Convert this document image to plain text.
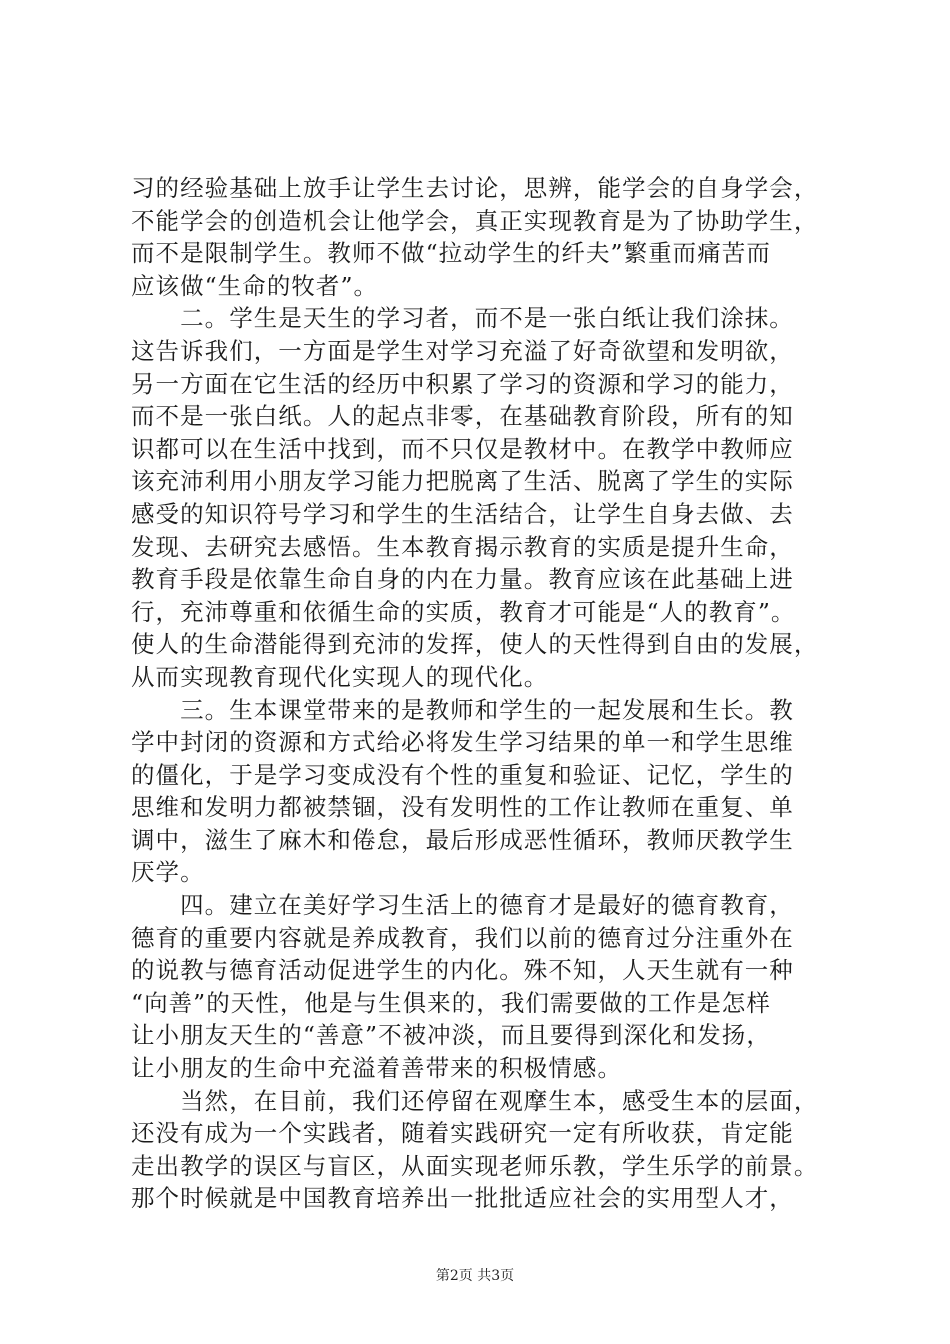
习的经验基础上放手让学生去讨论，思辨，能学会的自身学会，
不能学会的创造机会让他学会，真正实现教育是为了协助学生，
而不是限制学生。教师不做“拉动学生的纤夫”繁重而痛苦而
应该做“生命的牧者”。
　　二。学生是天生的学习者，而不是一张白纸让我们涂抹。
这告诉我们，一方面是学生对学习充溢了好奇欲望和发明欲，
另一方面在它生活的经历中积累了学习的资源和学习的能力，
而不是一张白纸。人的起点非零，在基础教育阶段，所有的知
识都可以在生活中找到，而不只仅是教材中。在教学中教师应
该充沛利用小朋友学习能力把脱离了生活、脱离了学生的实际
感受的知识符号学习和学生的生活结合，让学生自身去做、去
发现、去研究去感悟。生本教育揭示教育的实质是提升生命，
教育手段是依靠生命自身的内在力量。教育应该在此基础上进
行，充沛尊重和依循生命的实质，教育才可能是“人的教育”。
使人的生命潜能得到充沛的发挥，使人的天性得到自由的发展，
从而实现教育现代化实现人的现代化。
　　三。生本课堂带来的是教师和学生的一起发展和生长。教
学中封闭的资源和方式给必将发生学习结果的单一和学生思维
的僵化，于是学习变成没有个性的重复和验证、记忆，学生的
思维和发明力都被禁锢，没有发明性的工作让教师在重复、单
调中，滋生了麻木和倦怠，最后形成恶性循环，教师厌教学生
厌学。
　　四。建立在美好学习生活上的德育才是最好的德育教育，
德育的重要内容就是养成教育，我们以前的德育过分注重外在
的说教与德育活动促进学生的内化。殊不知，人天生就有一种
“向善”的天性，他是与生俱来的，我们需要做的工作是怎样
让小朋友天生的“善意”不被冲淡，而且要得到深化和发扬，
让小朋友的生命中充溢着善带来的积极情感。
　　当然，在目前，我们还停留在观摩生本，感受生本的层面，
还没有成为一个实践者，随着实践研究一定有所收获，肯定能
走出教学的误区与盲区，从面实现老师乐教，学生乐学的前景。
那个时候就是中国教育培养出一批批适应社会的实用型人才，
第2页 共3页
